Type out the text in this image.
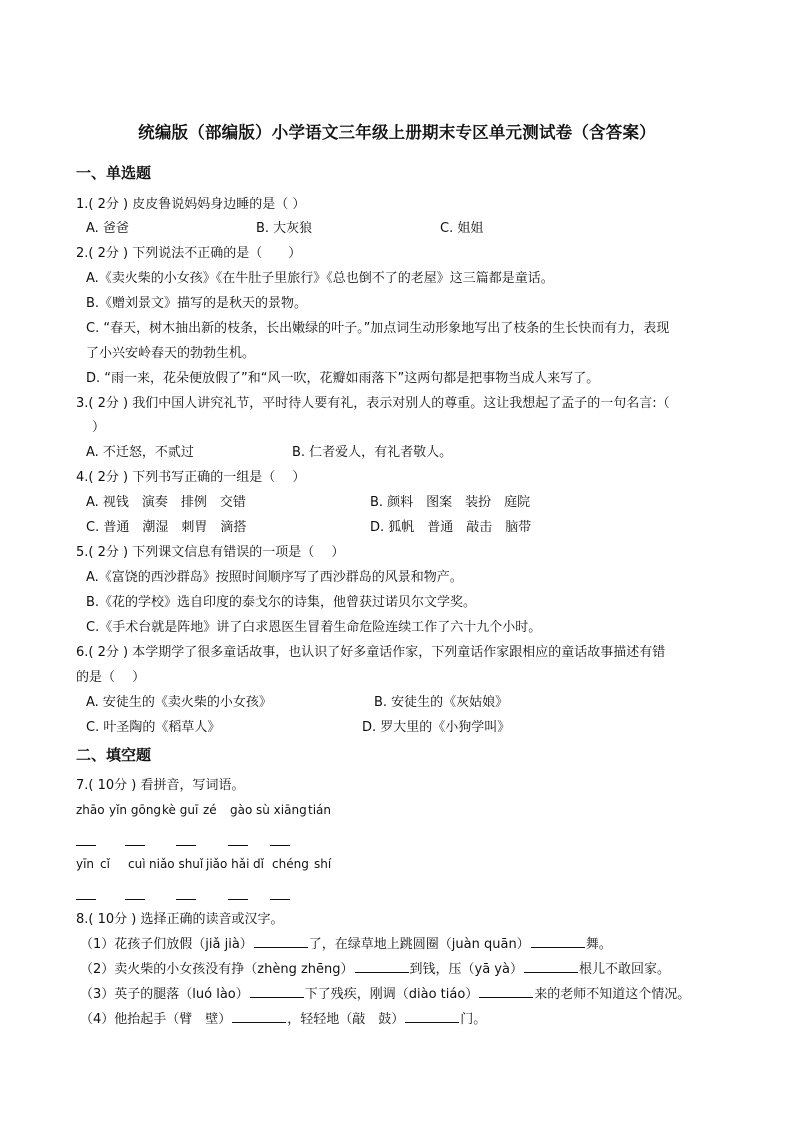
统编版（部编版）小学语文三年级上册期末专区单元测试卷（含答案）
一、单选题
1.( 2分 ) 皮皮鲁说妈妈身边睡的是（ ）
A. 爸爸	B. 大灰狼	C. 姐姐
2.( 2分 ) 下列说法不正确的是（　　）
A.《卖火柴的小女孩》《在牛肚子里旅行》《总也倒不了的老屋》这三篇都是童话。
B.《赠刘景文》描写的是秋天的景物。
C. “春天，树木抽出新的枝条，长出嫩绿的叶子。”加点词生动形象地写出了枝条的生长快而有力，表现
了小兴安岭春天的勃勃生机。
D. “雨一来，花朵便放假了”和“风一吹，花瓣如雨落下”这两句都是把事物当成人来写了。
3.( 2分 ) 我们中国人讲究礼节，平时待人要有礼，表示对别人的尊重。这让我想起了孟子的一句名言:（
）
A. 不迁怒，不贰过	B. 仁者爱人，有礼者敬人。
4.( 2分 ) 下列书写正确的一组是（　 ）
A. 视钱　演奏　排例　交错	B. 颜料　图案　装扮　庭院
C. 普通　潮湿　刺胃　滴搭	D. 狐帆　普通　敲击　脑带
5.( 2分 ) 下列课文信息有错误的一项是（　 ）
A.《富饶的西沙群岛》按照时间顺序写了西沙群岛的风景和物产。
B.《花的学校》选自印度的泰戈尔的诗集，他曾获过诺贝尔文学奖。
C.《手术台就是阵地》讲了白求恩医生冒着生命危险连续工作了六十九个小时。
6.( 2分 ) 本学期学了很多童话故事，也认识了好多童话作家，下列童话作家跟相应的童话故事描述有错
的是（　 ）
A. 安徒生的《卖火柴的小女孩》	B. 安徒生的《灰姑娘》
C. 叶圣陶的《稻草人》	D. 罗大里的《小狗学叫》
二、填空题
7.( 10分 ) 看拼音，写词语。
zhāo yǐn gōng kè guī zé gào sù xiāng tián
yīn cǐ cuì niǎo shuǐ jiǎo hǎi dǐ chéng shí
8.( 10分 ) 选择正确的读音或汉字。
（1）花孩子们放假（jiǎ jià）	了，在绿草地上跳圆圈（juàn quān）	舞。
（2）卖火柴的小女孩没有挣（zhèng zhēng）	到钱，压（yā yà）	根儿不敢回家。
（3）英子的腿落（luó lào）	下了残疾，刚调（diào tiáo）	来的老师不知道这个情况。
（4）他抬起手（臂　壁）	，轻轻地（敲　鼓）	门。
